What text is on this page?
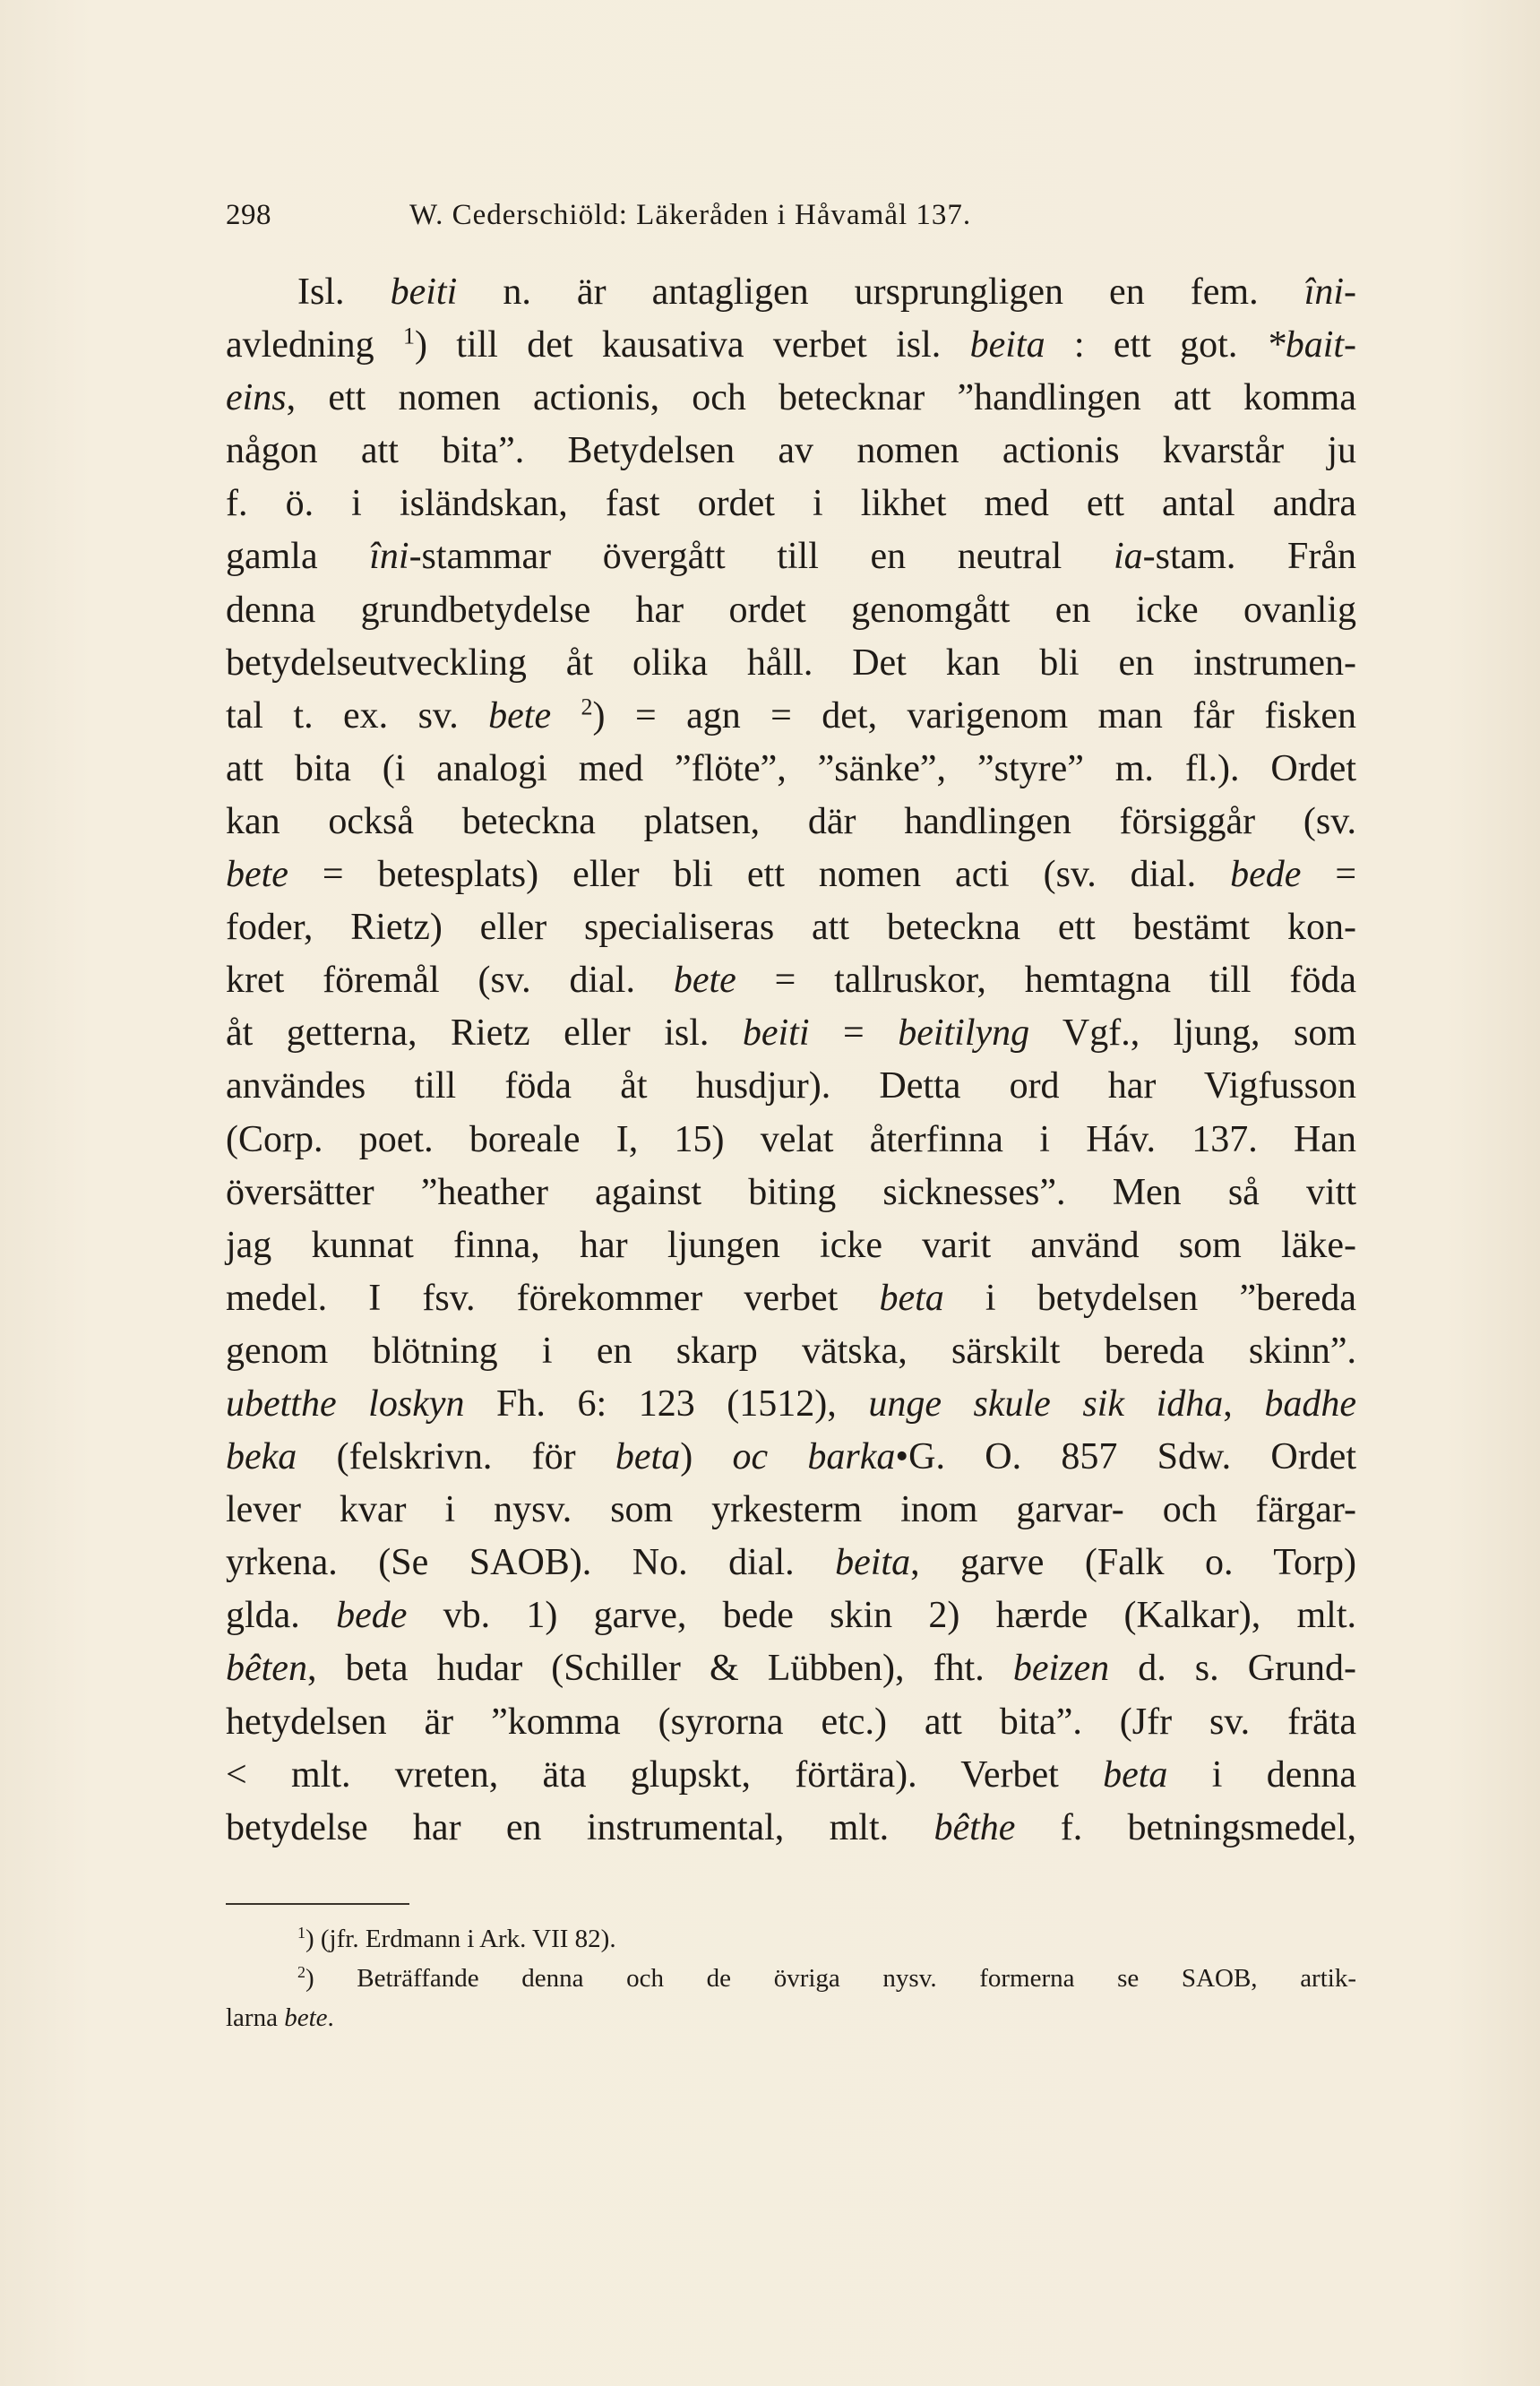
298	W. Cederschiöld: Läkeråden i Håvamål 137.
Isl. beiti n. är antagligen ursprungligen en fem. îni-
avledning $^1$) till det kausativa verbet isl. beita : ett got. *bait-
eins, ett nomen actionis, och betecknar ”handlingen att komma
någon att bita”. Betydelsen av nomen actionis kvarstår ju
f. ö. i isländskan, fast ordet i likhet med ett antal andra
gamla îni-stammar övergått till en neutral ia-stam. Från
denna grundbetydelse har ordet genomgått en icke ovanlig
betydelseutveckling åt olika håll. Det kan bli en instrumen-
tal t. ex. sv. bete $^2$) = agn = det, varigenom man får fisken
att bita (i analogi med ”flöte”, ”sänke”, ”styre” m. fl.). Ordet
kan också beteckna platsen, där handlingen försiggår (sv.
bete = betesplats) eller bli ett nomen acti (sv. dial. bede =
foder, Rietz) eller specialiseras att beteckna ett bestämt kon-
kret föremål (sv. dial. bete = tallruskor, hemtagna till föda
åt getterna, Rietz eller isl. beiti = beitilyng Vgf., ljung, som
användes till föda åt husdjur). Detta ord har Vigfusson
(Corp. poet. boreale I, 15) velat återfinna i Háv. 137. Han
översätter ”heather against biting sicknesses”. Men så vitt
jag kunnat finna, har ljungen icke varit använd som läke-
medel. I fsv. förekommer verbet beta i betydelsen ”bereda
genom blötning i en skarp vätska, särskilt bereda skinn”.
ubetthe loskyn Fh. 6: 123 (1512), unge skule sik idha, badhe
beka (felskrivn. för beta) oc barka•G. O. 857 Sdw. Ordet
lever kvar i nysv. som yrkesterm inom garvar- och färgar-
yrkena. (Se SAOB). No. dial. beita, garve (Falk o. Torp)
glda. bede vb. 1) garve, bede skin 2) hærde (Kalkar), mlt.
bêten, beta hudar (Schiller & Lübben), fht. beizen d. s. Grund-
hetydelsen är ”komma (syrorna etc.) att bita”. (Jfr sv. fräta
< mlt. vreten, äta glupskt, förtära). Verbet beta i denna
betydelse har en instrumental, mlt. bêthe f. betningsmedel,
$^1$) (jfr. Erdmann i Ark. VII 82).
$^2$) Beträffande denna och de övriga nysv. formerna se SAOB, artik-
larna bete.
